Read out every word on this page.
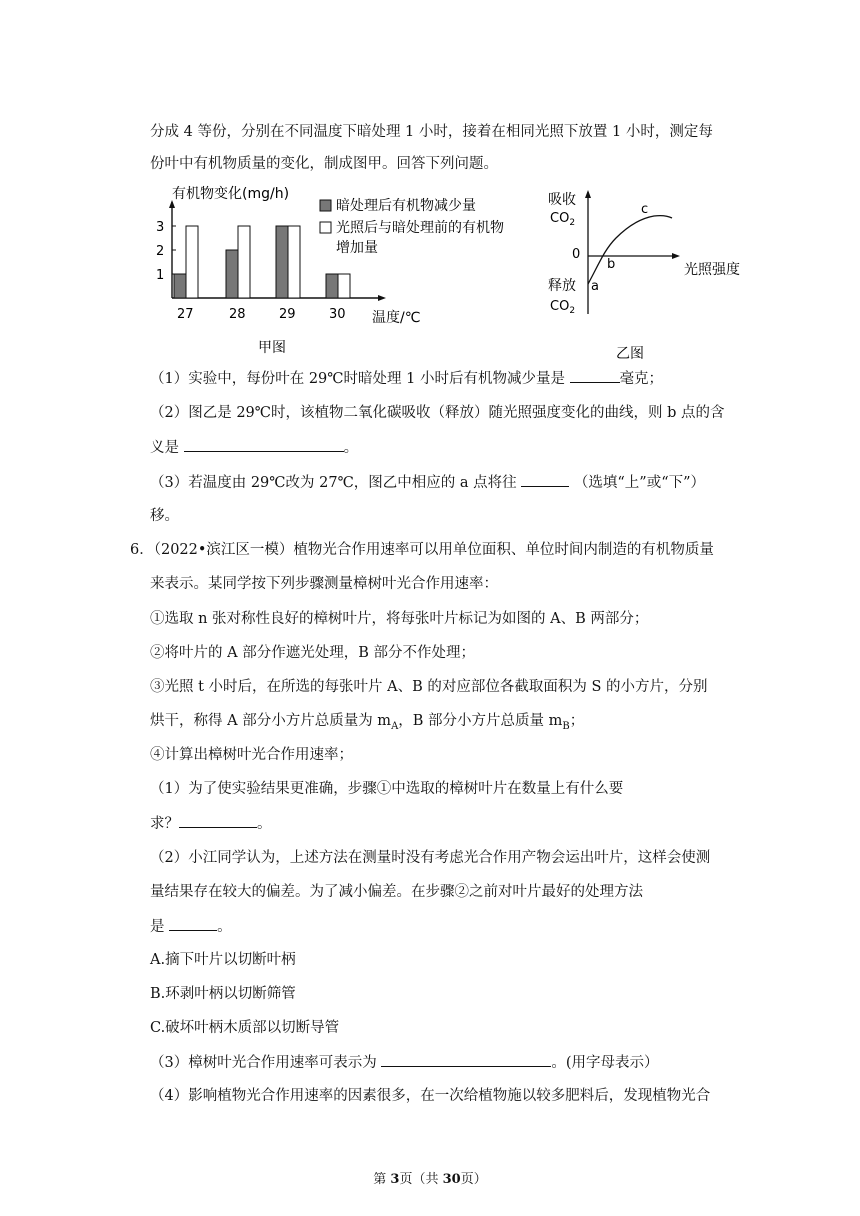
分成 4 等份，分别在不同温度下暗处理 1 小时，接着在相同光照下放置 1 小时，测定每
份叶中有机物质量的变化，制成图甲。回答下列问题。
有机物变化(mg/h)
1
2
3
27	28	29	30 温度/℃
暗处理后有机物减少量
光照后与暗处理前的有机物
增加量
甲图
吸收
$CO_2$
0
光照强度
a
b
c
释放
$CO_2$
乙图
（1）实验中，每份叶在 29℃时暗处理 1 小时后有机物减少量是	毫克；
（2）图乙是 29℃时，该植物二氧化碳吸收（释放）随光照强度变化的曲线，则 b 点的含
义是	。
（3）若温度由 29℃改为 27℃，图乙中相应的 a 点将往	（选填“上”或“下”）
移。
6．（2022•滨江区一模）植物光合作用速率可以用单位面积、单位时间内制造的有机物质量
来表示。某同学按下列步骤测量樟树叶光合作用速率：
①选取 n 张对称性良好的樟树叶片，将每张叶片标记为如图的 A、B 两部分；
②将叶片的 A 部分作遮光处理，B 部分不作处理；
③光照 t 小时后，在所选的每张叶片 A、B 的对应部位各截取面积为 S 的小方片，分别
烘干，称得 A 部分小方片总质量为 $m_A$，B 部分小方片总质量 $m_B$；
④计算出樟树叶光合作用速率；
（1）为了使实验结果更准确，步骤①中选取的樟树叶片在数量上有什么要
求？	。
（2）小江同学认为，上述方法在测量时没有考虑光合作用产物会运出叶片，这样会使测
量结果存在较大的偏差。为了减小偏差。在步骤②之前对叶片最好的处理方法
是	。
A.摘下叶片以切断叶柄
B.环剥叶柄以切断筛管
C.破坏叶柄木质部以切断导管
（3）樟树叶光合作用速率可表示为	。(用字母表示）
（4）影响植物光合作用速率的因素很多，在一次给植物施以较多肥料后，发现植物光合
第 3页（共 30页）
